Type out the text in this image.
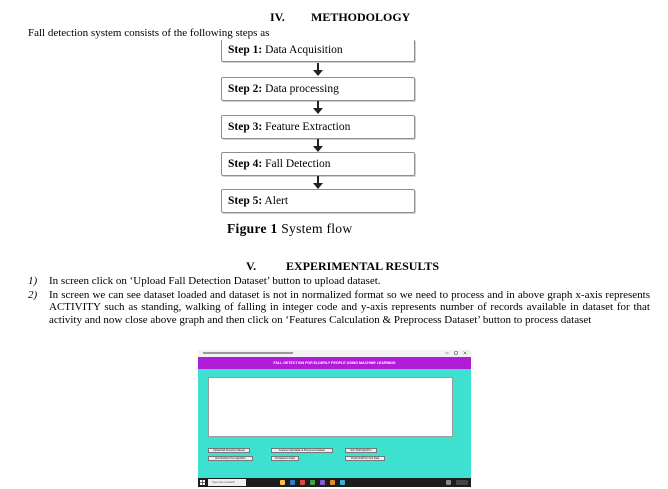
IV. METHODOLOGY
Fall detection system consists of the following steps as
Step 1: Data Acquisition
Step 2: Data processing
Step 3: Feature Extraction
Step 4: Fall Detection
Step 5: Alert
Figure 1 System flow
V. EXPERIMENTAL RESULTS
1) In screen click on ‘Upload Fall Detection Dataset’ button to upload dataset.
2) In screen we can see dataset loaded and dataset is not in normalized format so we need to process and in above graph x-axis represents ACTIVITY such as standing, walking of falling in integer code and y-axis represents number of records available in dataset for that activity and now close above graph and then click on ‘Features Calculation & Preprocess Dataset’ button to process dataset
FALL DETECTION FOR ELDERLY PEOPLE USING MACHINE LEARNING
Upload Fall Detection Dataset	Features Calculation & Preprocess Dataset	Run SVM Algorithm
Run Decision Tree Algorithm	Comparison Graph	Predict Fall from Test Data
Type here to search
